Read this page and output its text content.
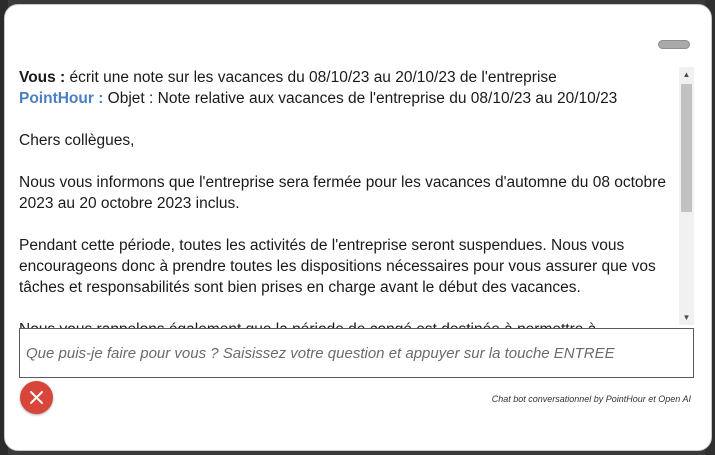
Vous : écrit une note sur les vacances du 08/10/23 au 20/10/23 de l'entreprise

PointHour : Objet : Note relative aux vacances de l'entreprise du 08/10/23 au 20/10/23

Chers collègues,

Nous vous informons que l'entreprise sera fermée pour les vacances d'automne du 08 octobre 2023 au 20 octobre 2023 inclus.

Pendant cette période, toutes les activités de l'entreprise seront suspendues. Nous vous encourageons donc à prendre toutes les dispositions nécessaires pour vous assurer que vos tâches et responsabilités sont bien prises en charge avant le début des vacances.

▲
▼
Que puis-je faire pour vous ? Saisissez votre question et appuyer sur la touche ENTREE
Chat bot conversationnel by PointHour et Open AI
